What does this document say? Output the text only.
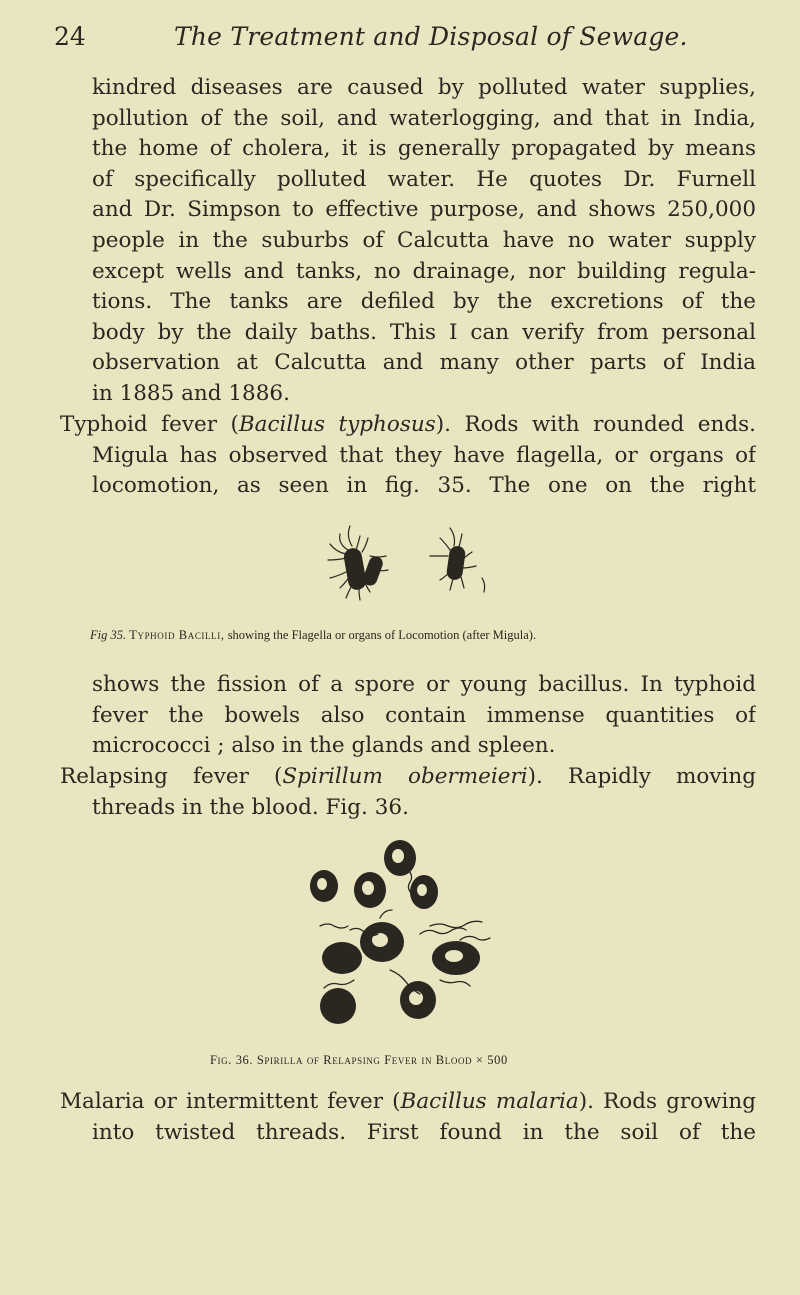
24	The Treatment and Disposal of Sewage.
kindred diseases are caused by polluted water supplies,
pollution of the soil, and waterlogging, and that in India,
the home of cholera, it is generally propagated by means
of specifically polluted water. He quotes Dr. Furnell
and Dr. Simpson to effective purpose, and shows 250,000
people in the suburbs of Calcutta have no water supply
except wells and tanks, no drainage, nor building regula-
tions. The tanks are defiled by the excretions of the
body by the daily baths. This I can verify from personal
observation at Calcutta and many other parts of India
in 1885 and 1886.
Typhoid fever (Bacillus typhosus). Rods with rounded ends.
Migula has observed that they have flagella, or organs of
locomotion, as seen in fig. 35. The one on the right
Fig 35. Typhoid Bacilli, showing the Flagella or organs of Locomotion (after Migula).
shows the fission of a spore or young bacillus. In typhoid
fever the bowels also contain immense quantities of
micrococci ; also in the glands and spleen.
Relapsing fever (Spirillum obermeieri). Rapidly moving
threads in the blood. Fig. 36.
Fig. 36. Spirilla of Relapsing Fever in Blood × 500
Malaria or intermittent fever (Bacillus malaria). Rods growing
into twisted threads. First found in the soil of the
